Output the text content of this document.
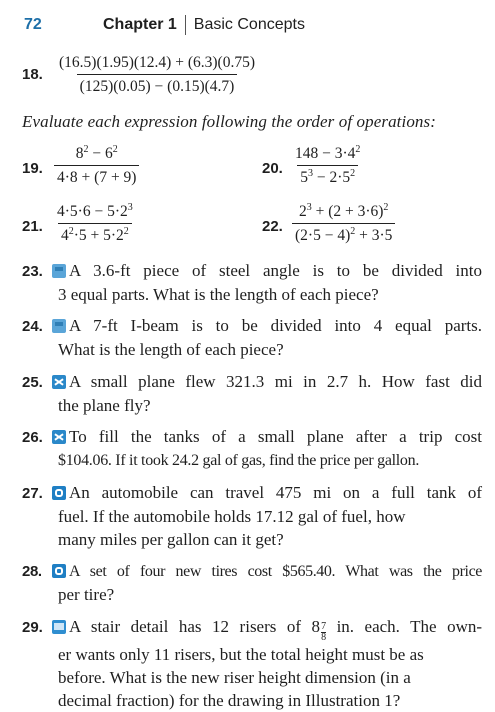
72	Chapter 1 Basic Concepts
18. $\frac{(16.5)(1.95)(12.4) + (6.3)(0.75)}{(125)(0.05) - (0.15)(4.7)}$
Evaluate each expression following the order of operations:
19. $\frac{8^2 - 6^2}{4\cdot 8 + (7 + 9)}$	20. $\frac{148 - 3\cdot 4^2}{5^3 - 2\cdot 5^2}$
21. $\frac{4\cdot 5\cdot 6 - 5\cdot 2^3}{4^2\cdot 5 + 5\cdot 2^2}$	22. $\frac{2^3 + (2 + 3\cdot 6)^2}{(2\cdot 5 - 4)^2 + 3\cdot 5}$
23. A 3.6-ft piece of steel angle is to be divided into
3 equal parts. What is the length of each piece?
24. A 7-ft I-beam is to be divided into 4 equal parts.
What is the length of each piece?
25. A small plane flew 321.3 mi in 2.7 h. How fast did
the plane fly?
26. To fill the tanks of a small plane after a trip cost
$104.06. If it took 24.2 gal of gas, find the price per gallon.
27. An automobile can travel 475 mi on a full tank of
fuel. If the automobile holds 17.12 gal of fuel, how
many miles per gallon can it get?
28. A set of four new tires cost $565.40. What was the price
per tire?
29. A stair detail has 12 risers of $8 \frac{7}{8}$ in. each. The own-
er wants only 11 risers, but the total height must be as
before. What is the new riser height dimension (in a
decimal fraction) for the drawing in Illustration 1?
